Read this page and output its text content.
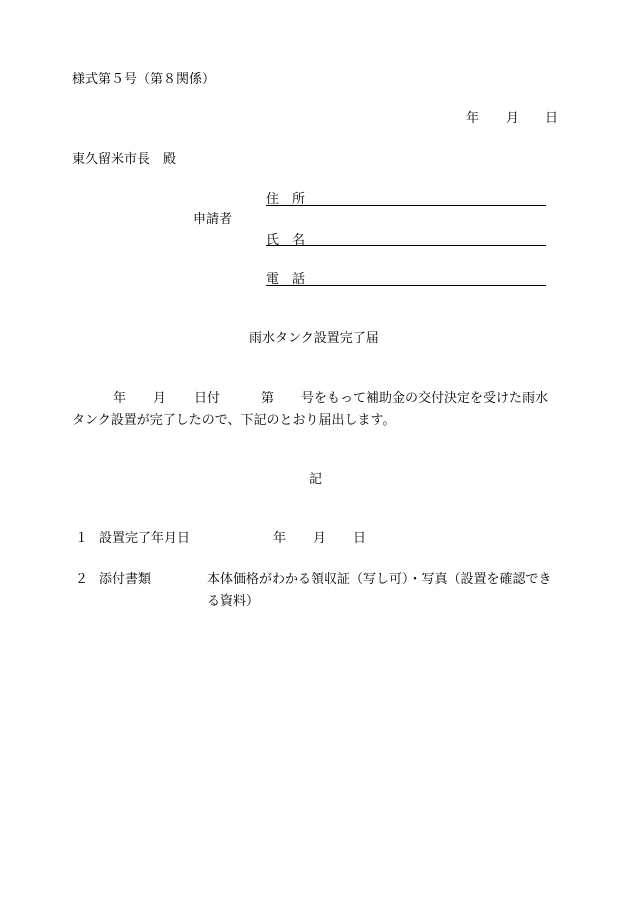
様式第５号（第８関係）
年 月 日
東久留米市長　殿
申請者
住　所
氏　名
電　話
雨水タンク設置完了届
年 月 日付	第 号をもって補助金の交付決定を受けた雨水
タンク設置が完了したので、下記のとおり届出します。
記
１ 設置完了年月日	年 月 日
２ 添付書類	本体価格がわかる領収証（写し可）・写真（設置を確認でき
る資料）
